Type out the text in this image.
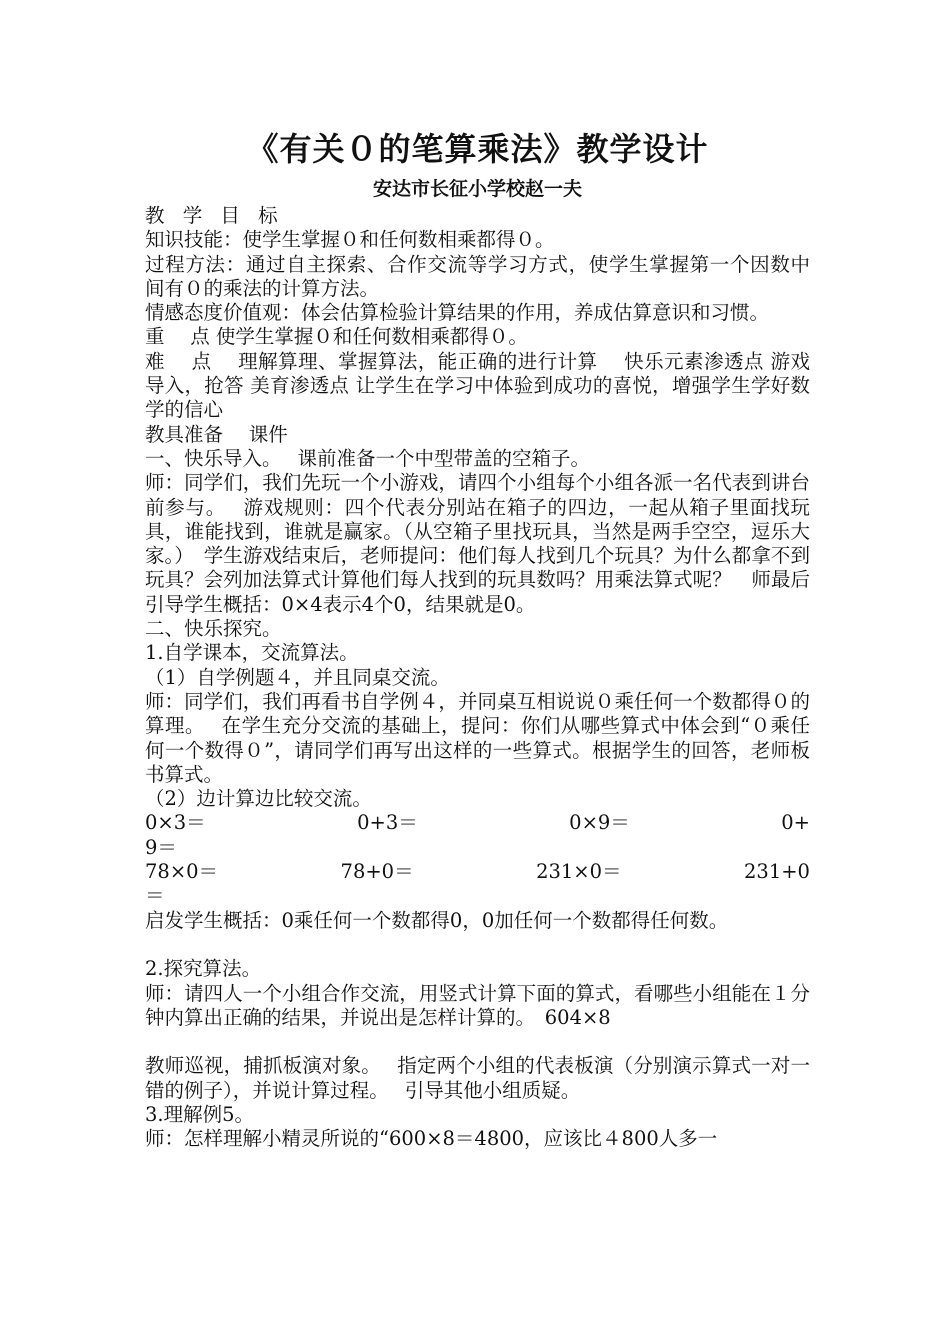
《有关０的笔算乘法》教学设计
安达市长征小学校赵一夫
教 学 目 标
知识技能：使学生掌握０和任何数相乘都得０。
过程方法：通过自主探索、合作交流等学习方式，使学生掌握第一个因数中 间有０的乘法的计算方法。
情感态度价值观：体会估算检验计算结果的作用，养成估算意识和习惯。
重　 点 使学生掌握０和任何数相乘都得０。
难　 点　 理解算理、掌握算法，能正确的进行计算　 快乐元素渗透点 游戏导入，抢答 美育渗透点 让学生在学习中体验到成功的喜悦，增强学生学好数学的信心
教具准备　 课件
一、快乐导入。　 课前准备一个中型带盖的空箱子。
师：同学们，我们先玩一个小游戏，请四个小组每个小组各派一名代表到讲台前参与。　 游戏规则：四个代表分别站在箱子的四边，一起从箱子里面找玩具，谁能找到，谁就是赢家。（从空箱子里找玩具，当然是两手空空，逗乐大家。）　学生游戏结束后，老师提问：他们每人找到几个玩具？为什么都拿不到玩具？会列加法算式计算他们每人找到的玩具数吗？用乘法算式呢？　师最后引导学生概括：0×4表示4个0，结果就是0。
二、快乐探究。
1.自学课本，交流算法。
（1）自学例题４，并且同桌交流。
师：同学们，我们再看书自学例４，并同桌互相说说０乘任何一个数都得０的算理。　 在学生充分交流的基础上，提问：你们从哪些算式中体会到“０乘任何一个数得０”，请同学们再写出这样的一些算式。根据学生的回答，老师板书算式。
（2）边计算边比较交流。
0×3＝	0+3＝	0×9＝	0+
9＝
78×0＝	78+0＝	231×0＝	231+0
＝
启发学生概括：0乘任何一个数都得0，0加任何一个数都得任何数。
2.探究算法。
师：请四人一个小组合作交流，用竖式计算下面的算式，看哪些小组能在１分钟内算出正确的结果，并说出是怎样计算的。　604×8
教师巡视，捕抓板演对象。　 指定两个小组的代表板演（分别演示算式一对一错的例子），并说计算过程。　 引导其他小组质疑。
3.理解例5。
师：怎样理解小精灵所说的“600×8＝4800，应该比４800人多一
